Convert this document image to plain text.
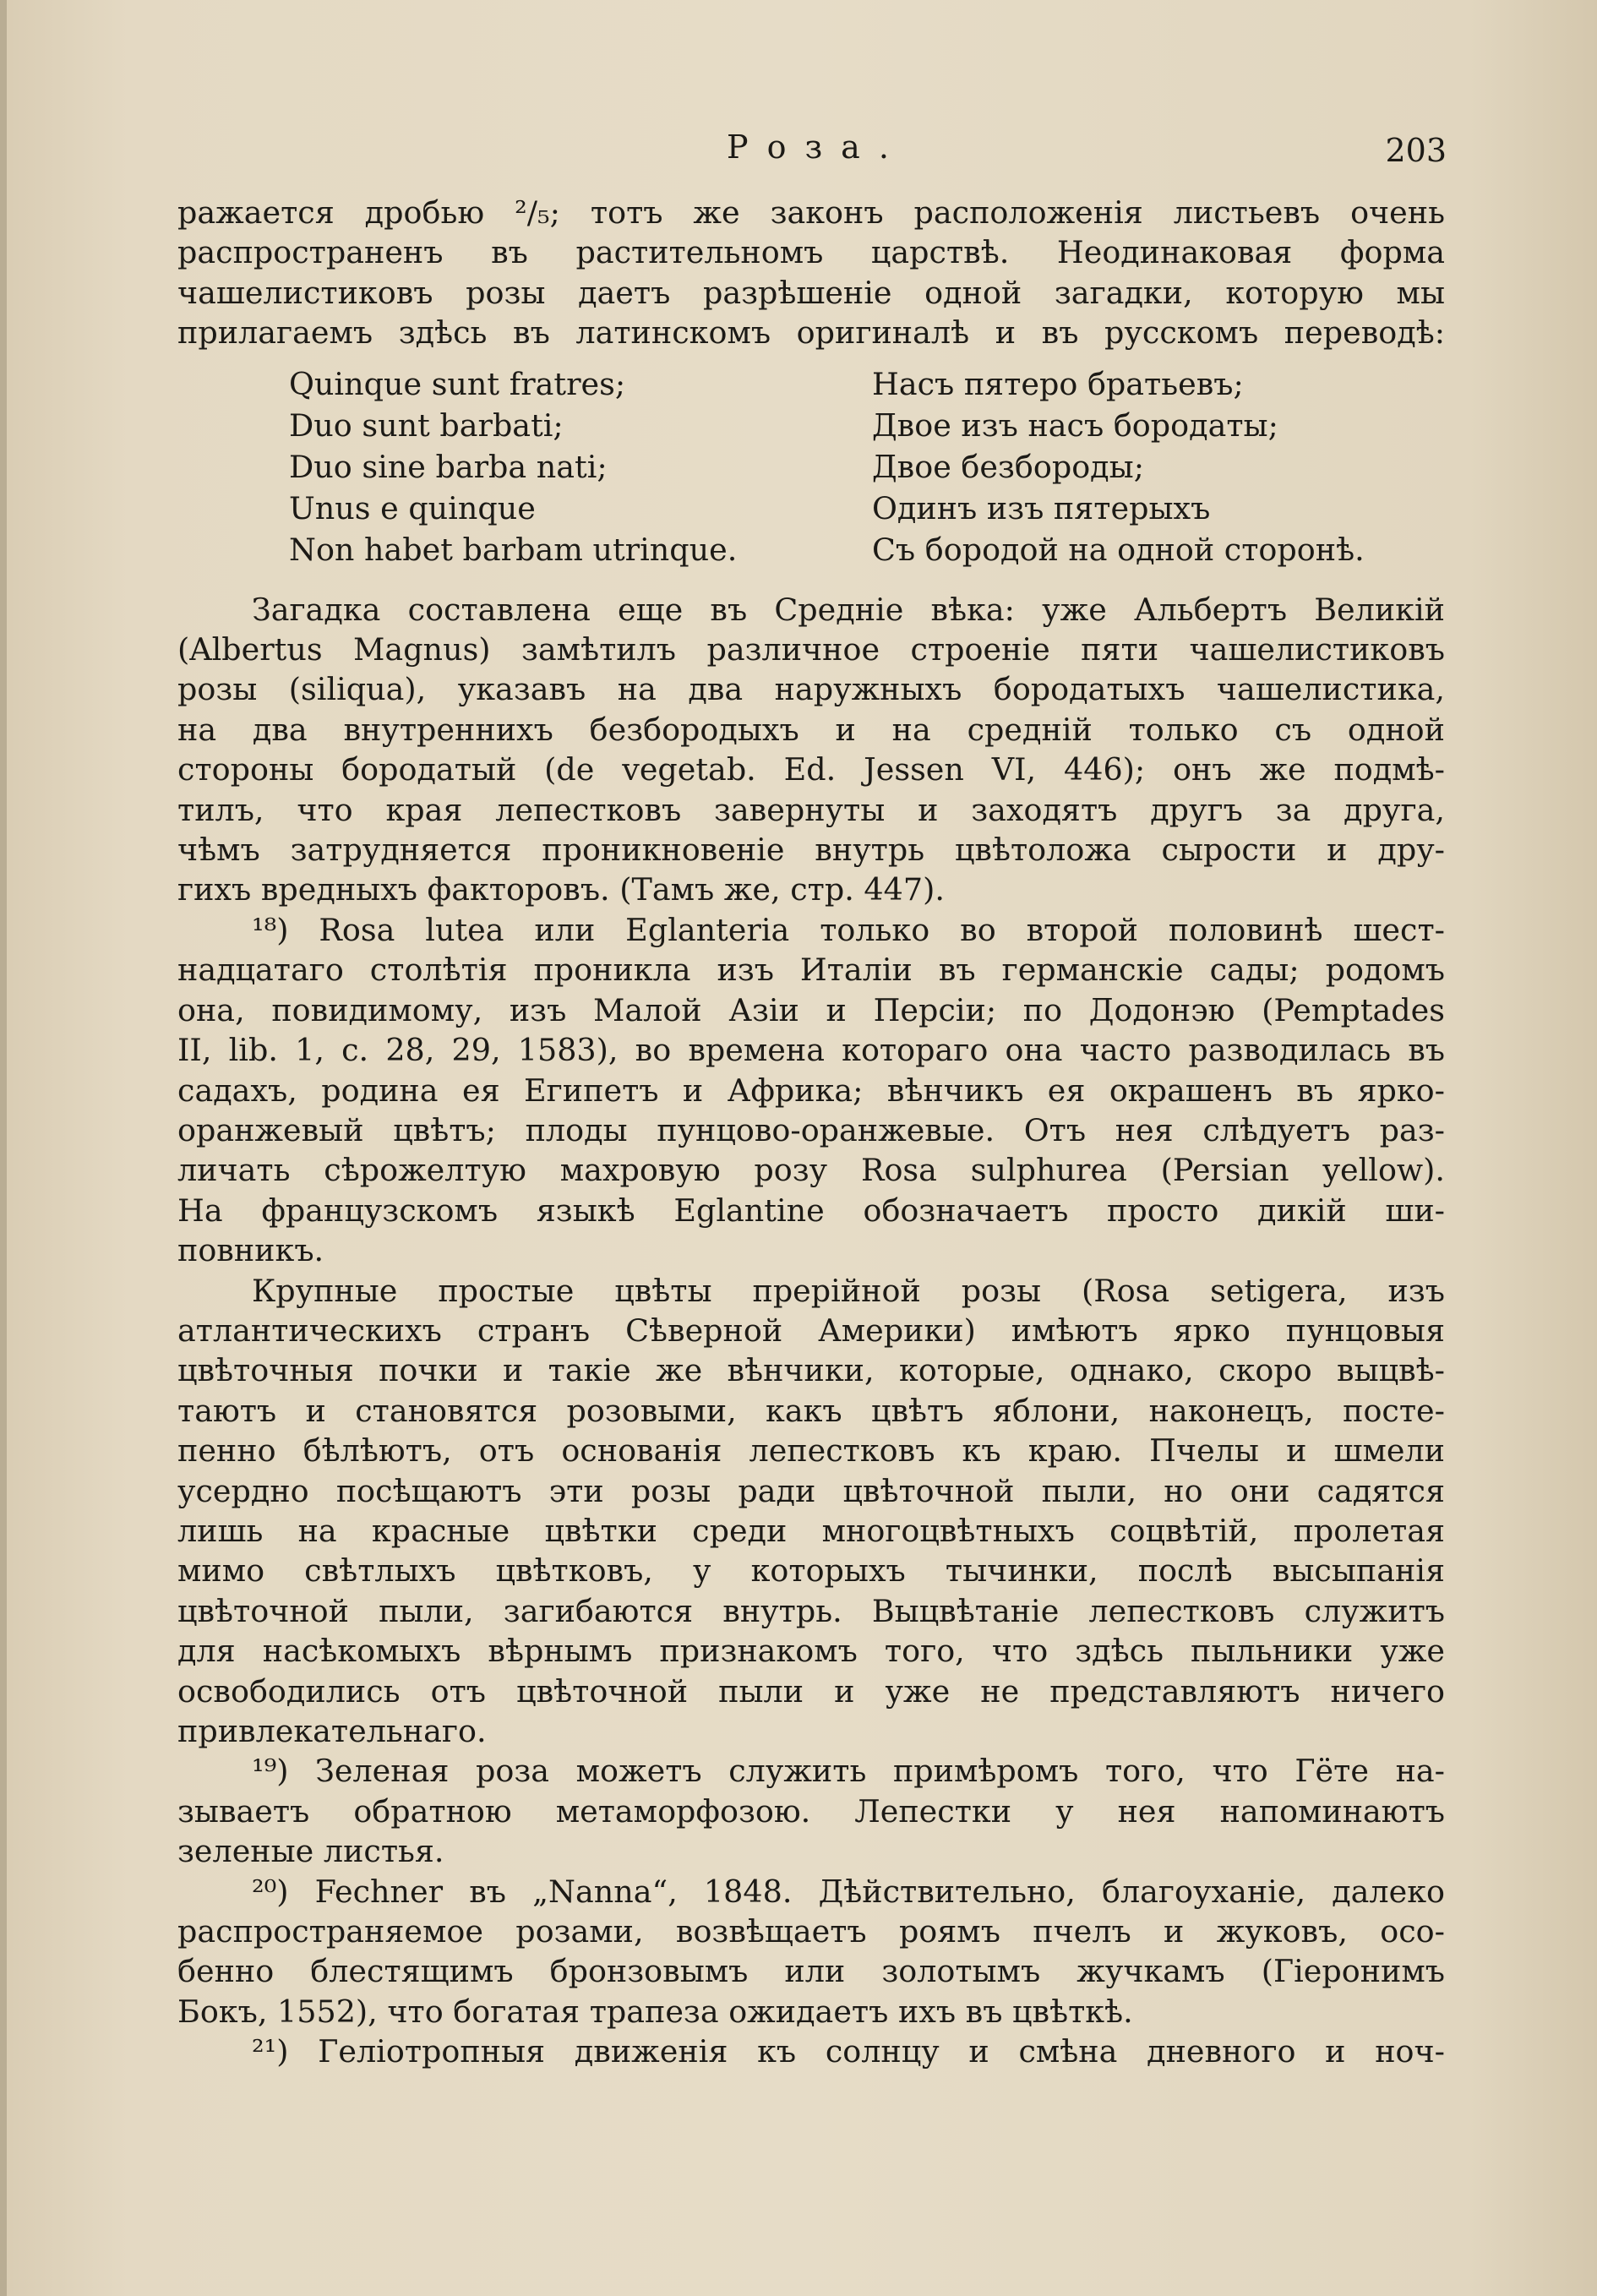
Роза.	203
ражается дробью ²/₅; тотъ же законъ расположенія листьевъ очень
распространенъ въ растительномъ царствѣ. Неодинаковая форма
чашелистиковъ розы даетъ разрѣшеніе одной загадки, которую мы
прилагаемъ здѣсь въ латинскомъ оригиналѣ и въ русскомъ переводѣ:
Quinque sunt fratres;
Duo sunt barbati;
Duo sine barba nati;
Unus e quinque
Non habet barbam utrinque.
Насъ пятеро братьевъ;
Двое изъ насъ бородаты;
Двое безбороды;
Одинъ изъ пятерыхъ
Съ бородой на одной сторонѣ.
Загадка составлена еще въ Средніе вѣка: уже Альбертъ Великій
(Albertus Magnus) замѣтилъ различное строеніе пяти чашелистиковъ
розы (siliqua), указавъ на два наружныхъ бородатыхъ чашелистика,
на два внутреннихъ безбородыхъ и на средній только съ одной
стороны бородатый (de vegetab. Ed. Jessen VI, 446); онъ же подмѣ-
тилъ, что края лепестковъ завернуты и заходятъ другъ за друга,
чѣмъ затрудняется проникновеніе внутрь цвѣтоложа сырости и дру-
гихъ вредныхъ факторовъ. (Тамъ же, стр. 447).
¹⁸) Rosa lutea или Eglanteria только во второй половинѣ шест-
надцатаго столѣтія проникла изъ Италіи въ германскіе сады; родомъ
она, повидимому, изъ Малой Азіи и Персіи; по Додонэю (Pemptades
II, lib. 1, c. 28, 29, 1583), во времена котораго она часто разводилась въ
садахъ, родина ея Египетъ и Африка; вѣнчикъ ея окрашенъ въ ярко-
оранжевый цвѣтъ; плоды пунцово-оранжевые. Отъ нея слѣдуетъ раз-
личать сѣрожелтую махровую розу Rosa sulphurea (Persian yellow).
На французскомъ языкѣ Eglantine обозначаетъ просто дикій ши-
повникъ.
Крупные простые цвѣты прерійной розы (Rosa setigera, изъ
атлантическихъ странъ Сѣверной Америки) имѣютъ ярко пунцовыя
цвѣточныя почки и такіе же вѣнчики, которые, однако, скоро выцвѣ-
таютъ и становятся розовыми, какъ цвѣтъ яблони, наконецъ, посте-
пенно бѣлѣютъ, отъ основанія лепестковъ къ краю. Пчелы и шмели
усердно посѣщаютъ эти розы ради цвѣточной пыли, но они садятся
лишь на красные цвѣтки среди многоцвѣтныхъ соцвѣтій, пролетая
мимо свѣтлыхъ цвѣтковъ, у которыхъ тычинки, послѣ высыпанія
цвѣточной пыли, загибаются внутрь. Выцвѣтаніе лепестковъ служитъ
для насѣкомыхъ вѣрнымъ признакомъ того, что здѣсь пыльники уже
освободились отъ цвѣточной пыли и уже не представляютъ ничего
привлекательнаго.
¹⁹) Зеленая роза можетъ служить примѣромъ того, что Гёте на-
зываетъ обратною метаморфозою. Лепестки у нея напоминаютъ
зеленые листья.
²⁰) Fechner въ „Nanna“, 1848. Дѣйствительно, благоуханіе, далеко
распространяемое розами, возвѣщаетъ роямъ пчелъ и жуковъ, осо-
бенно блестящимъ бронзовымъ или золотымъ жучкамъ (Гіеронимъ
Бокъ, 1552), что богатая трапеза ожидаетъ ихъ въ цвѣткѣ.
²¹) Геліотропныя движенія къ солнцу и смѣна дневного и ноч-
